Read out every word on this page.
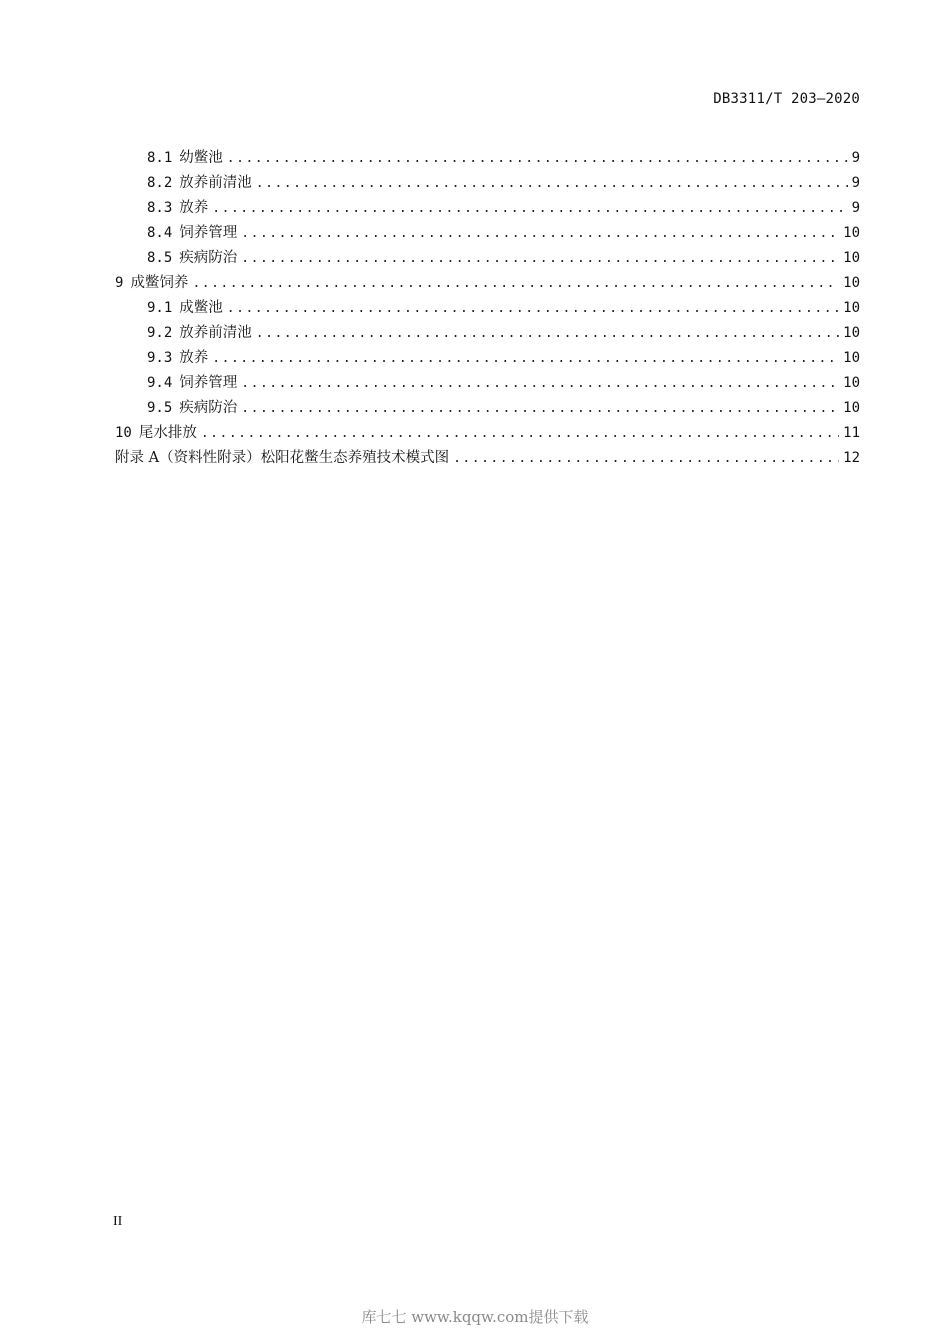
DB3311/T 203—2020
8.1 幼鳖池 .....	9
8.2 放养前清池 .....	9
8.3 放养 .....	9
8.4 饲养管理 .....	10
8.5 疾病防治 .....	10
9 成鳖饲养 .....	10
9.1 成鳖池 .....	10
9.2 放养前清池 .....	10
9.3 放养 .....	10
9.4 饲养管理 .....	10
9.5 疾病防治 .....	10
10 尾水排放 .....	11
附录 A（资料性附录）松阳花鳖生态养殖技术模式图 .....	12
II
库七七 www.kqqw.com提供下载
